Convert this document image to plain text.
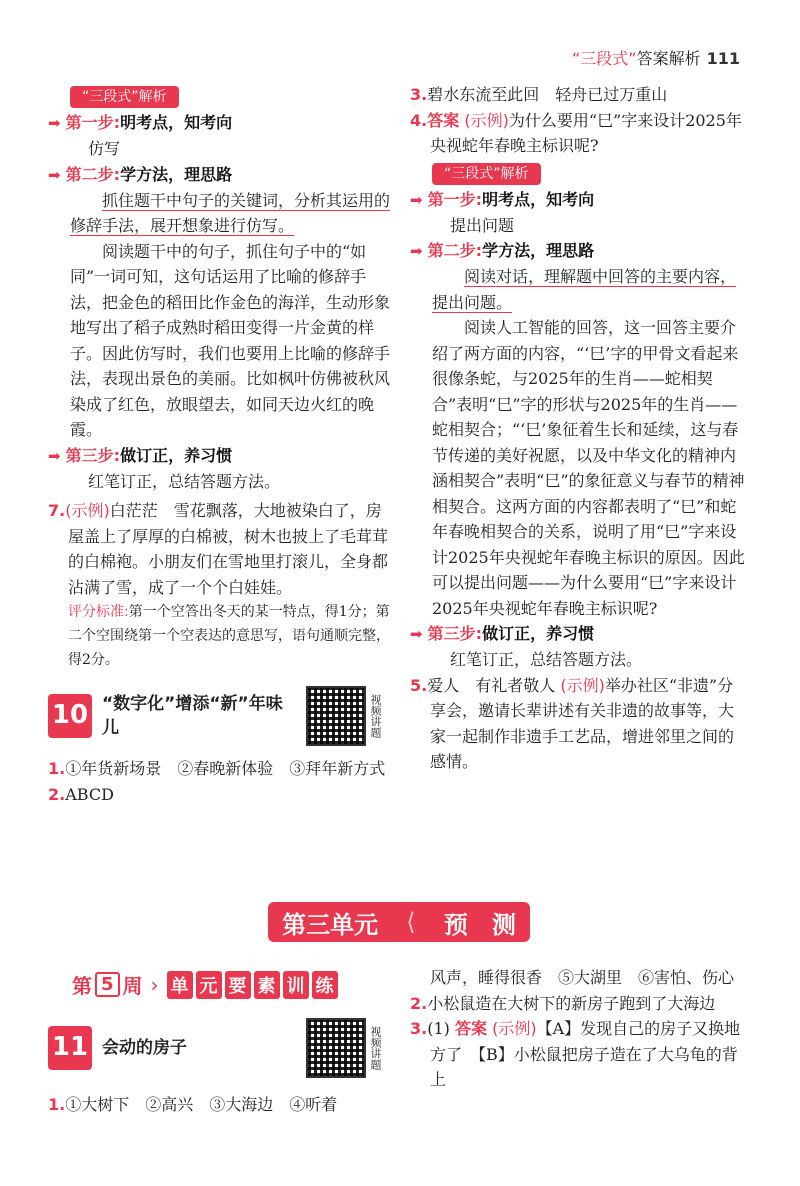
“三段式”答案解析 111
“三段式”解析
➡ 第一步:明考点，知考向
仿写
➡ 第二步:学方法，理思路
抓住题干中句子的关键词，分析其运用的修辞手法，展开想象进行仿写。
阅读题干中的句子，抓住句子中的“如同”一词可知，这句话运用了比喻的修辞手法，把金色的稻田比作金色的海洋，生动形象地写出了稻子成熟时稻田变得一片金黄的样子。因此仿写时，我们也要用上比喻的修辞手法，表现出景色的美丽。比如枫叶仿佛被秋风染成了红色，放眼望去，如同天边火红的晚霞。
➡ 第三步:做订正，养习惯
红笔订正，总结答题方法。
7.(示例)白茫茫　雪花飘落，大地被染白了，房屋盖上了厚厚的白棉被，树木也披上了毛茸茸的白棉袍。小朋友们在雪地里打滚儿，全身都沾满了雪，成了一个个白娃娃。
评分标准:第一个空答出冬天的某一特点，得1分；第二个空围绕第一个空表达的意思写，语句通顺完整，得2分。
10 “数字化”增添“新”年味儿	视频讲题
1.①年货新场景　②春晚新体验　③拜年新方式
2.ABCD
3.碧水东流至此回　轻舟已过万重山
4.答案 (示例)为什么要用“巳”字来设计2025年央视蛇年春晚主标识呢?
“三段式”解析
➡ 第一步:明考点，知考向
提出问题
➡ 第二步:学方法，理思路
阅读对话，理解题中回答的主要内容，提出问题。
阅读人工智能的回答，这一回答主要介绍了两方面的内容，“‘巳’字的甲骨文看起来很像条蛇，与2025年的生肖——蛇相契合”表明“巳”字的形状与2025年的生肖——蛇相契合；“‘巳’象征着生长和延续，这与春节传递的美好祝愿，以及中华文化的精神内涵相契合”表明“巳”的象征意义与春节的精神相契合。这两方面的内容都表明了“巳”和蛇年春晚相契合的关系，说明了用“巳”字来设计2025年央视蛇年春晚主标识的原因。因此可以提出问题——为什么要用“巳”字来设计2025年央视蛇年春晚主标识呢?
➡ 第三步:做订正，养习惯
红笔订正，总结答题方法。
5.爱人　有礼者敬人 (示例)举办社区“非遗”分享会，邀请长辈讲述有关非遗的故事等，大家一起制作非遗手工艺品，增进邻里之间的感情。
第三单元 ⟨ 预　测
第 5 周 › 单 元 要 素 训 练
11 会动的房子	视频讲题
1.①大树下　②高兴　③大海边　④听着
风声，睡得很香　⑤大湖里　⑥害怕、伤心
2.小松鼠造在大树下的新房子跑到了大海边
3.(1) 答案 (示例)【A】发现自己的房子又换地方了　【B】小松鼠把房子造在了大乌龟的背上
